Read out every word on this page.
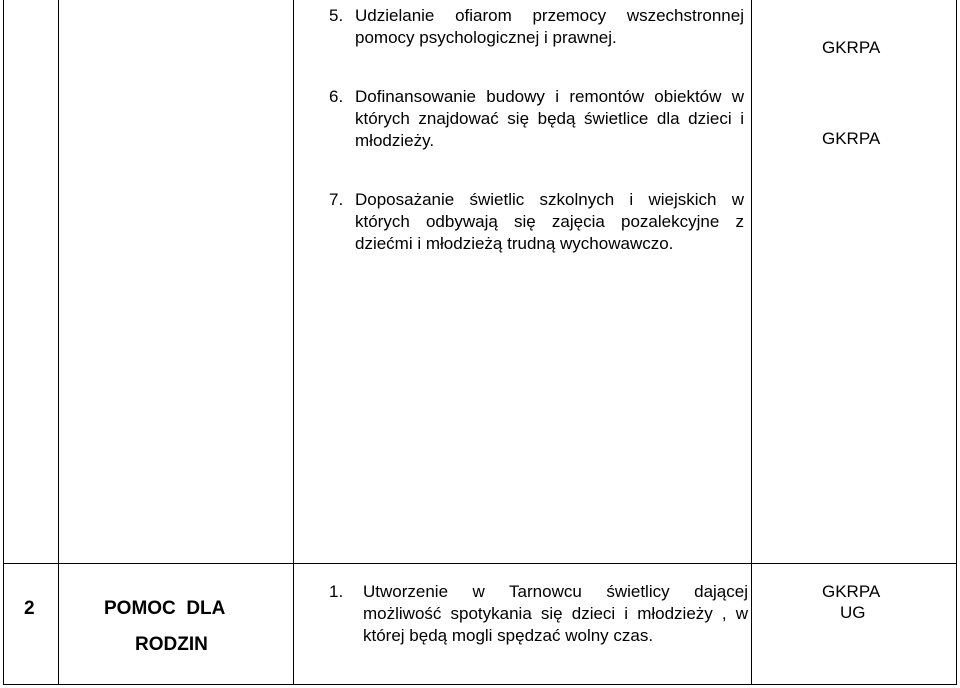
5. Udzielanie ofiarom przemocy wszechstronnej pomocy psychologicznej i prawnej.
GKRPA
6. Dofinansowanie budowy i remontów obiektów w których znajdować się będą świetlice dla dzieci i młodzieży.	GKRPA
7. Doposażanie świetlic szkolnych i wiejskich w których odbywają się zajęcia pozalekcyjne z dziećmi i młodzieżą trudną wychowawczo.
2	POMOC  DLA
RODZIN
1. Utworzenie w Tarnowcu świetlicy dającej możliwość spotykania się dzieci i młodzieży , w której będą mogli spędzać wolny czas.
GKRPA
UG
